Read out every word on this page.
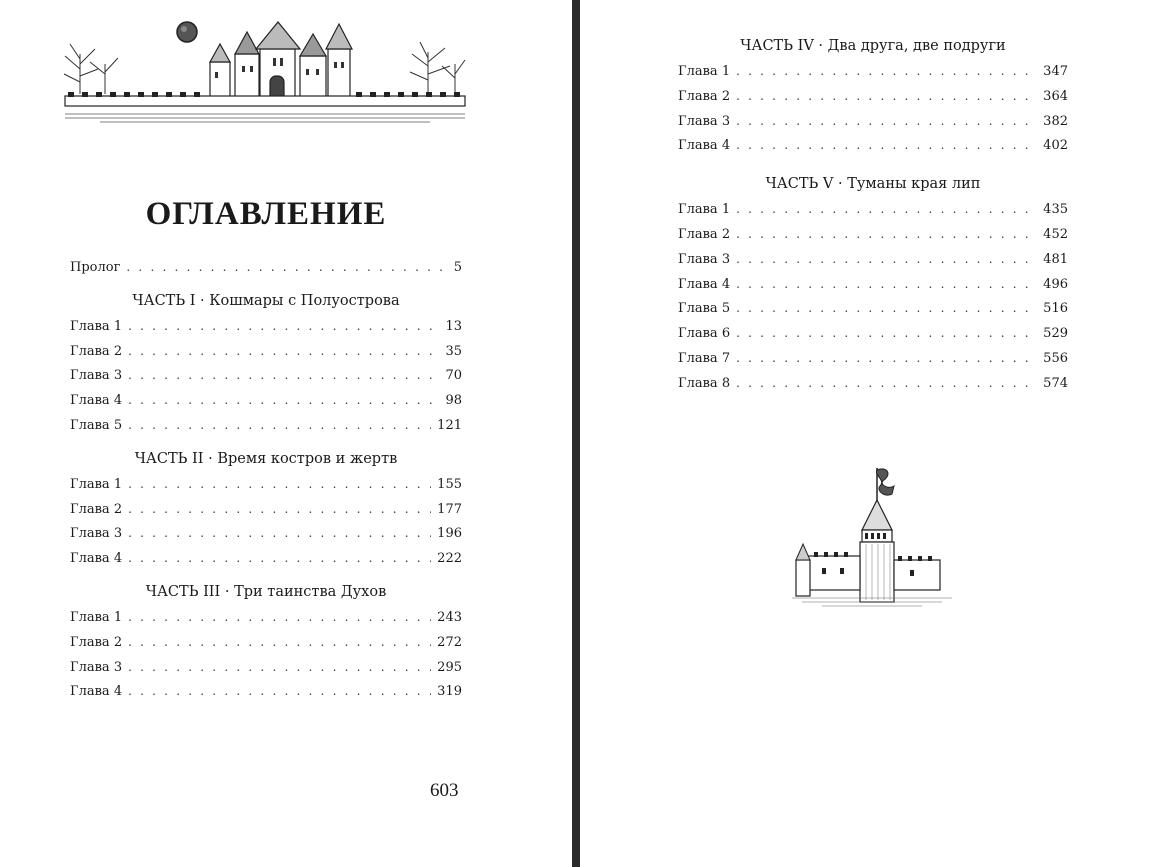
ОГЛАВЛЕНИЕ
Пролог . . .	5
ЧАСТЬ I · Кошмары с Полуострова
Глава 1 . . .	13
Глава 2 . . .	35
Глава 3 . . .	70
Глава 4 . . .	98
Глава 5 . . .	121
ЧАСТЬ II · Время костров и жертв
Глава 1 . . .	155
Глава 2 . . .	177
Глава 3 . . .	196
Глава 4 . . .	222
ЧАСТЬ III · Три таинства Духов
Глава 1 . . .	243
Глава 2 . . .	272
Глава 3 . . .	295
Глава 4 . . .	319
603
ЧАСТЬ IV · Два друга, две подруги
Глава 1 . . .	347
Глава 2 . . .	364
Глава 3 . . .	382
Глава 4 . . .	402
ЧАСТЬ V · Туманы края лип
Глава 1 . . .	435
Глава 2 . . .	452
Глава 3 . . .	481
Глава 4 . . .	496
Глава 5 . . .	516
Глава 6 . . .	529
Глава 7 . . .	556
Глава 8 . . .	574
